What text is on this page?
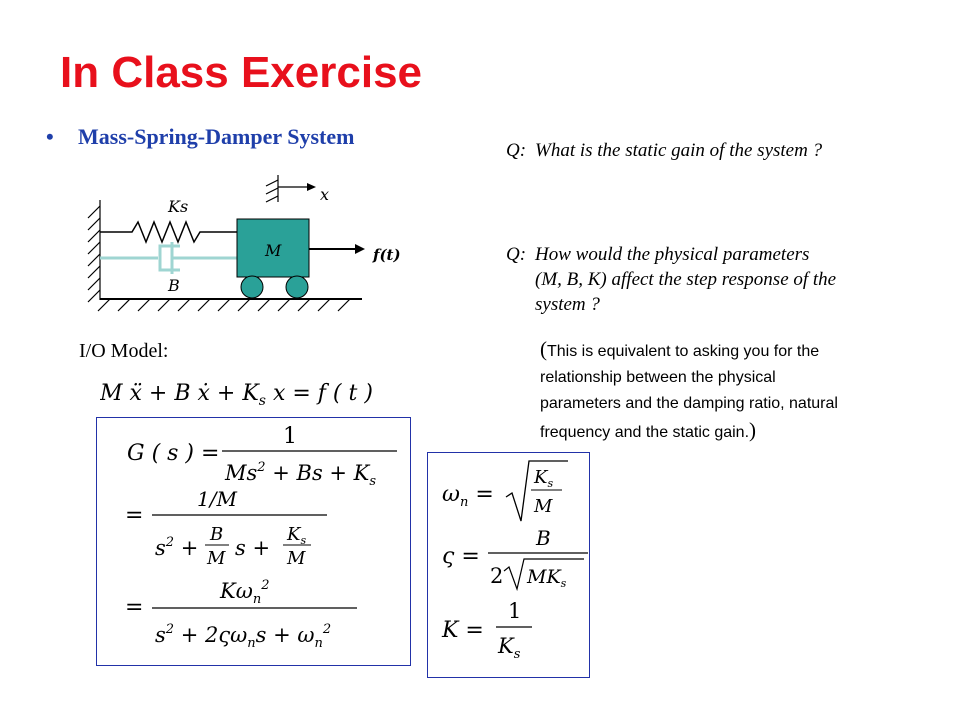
In Class Exercise
• Mass-Spring-Damper System
Ks
B
M
x
f(t)
I/O Model:
M ẍ + B ẋ + $K_s$ x = f ( t )
G ( s ) =
1
$Ms^2 + Bs + K_s$
=
1/M
$s^2$ +
B
M s +
$K_s$
M
=
$K\omega_n^2$
$s^2 + 2\varsigma\omega_ns + \omega_n^2$
$\omega_n$ =
$K_s$
M
ς =
B
2 $MK_s$
K =
1
$K_s$
Q: What is the static gain of the system ?
Q: How would the physical parameters
(M, B, K) affect the step response of the
system ?
(This is equivalent to asking you for the
relationship between the physical
parameters and the damping ratio, natural
frequency and the static gain.)
